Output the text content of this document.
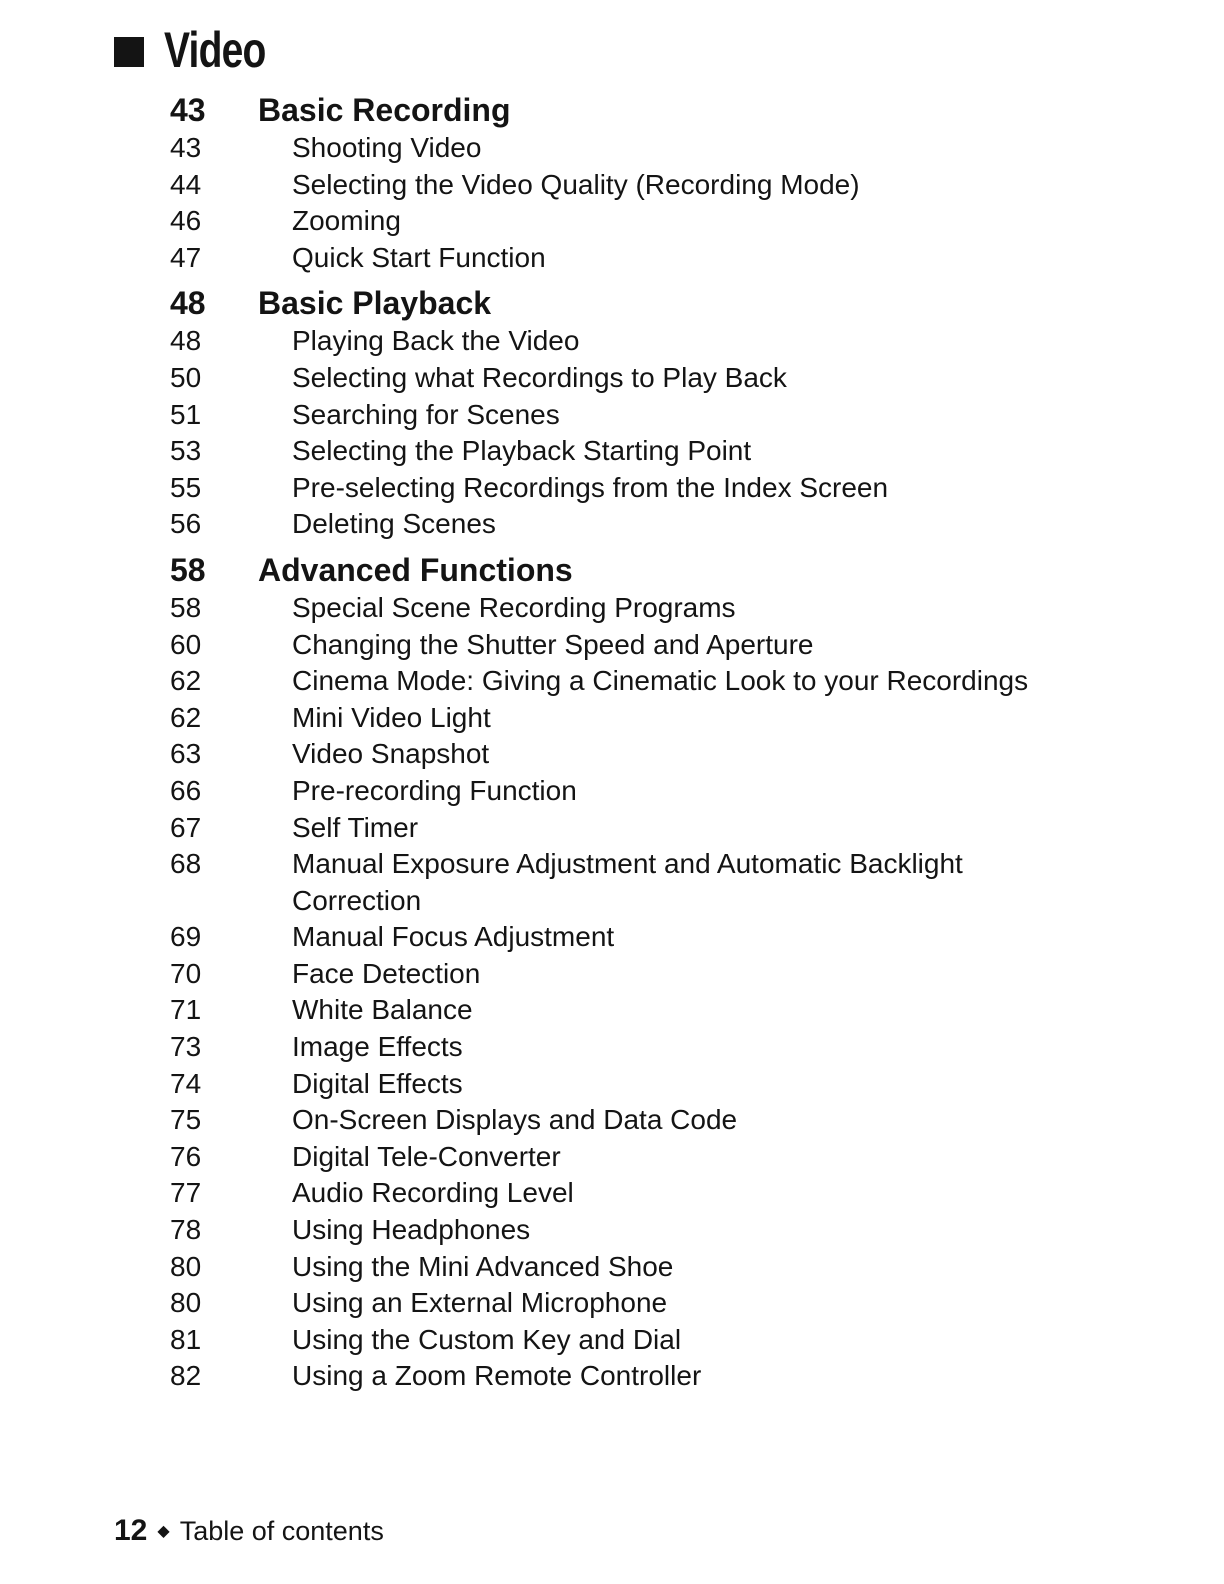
Video
43	Basic Recording
43	Shooting Video
44	Selecting the Video Quality (Recording Mode)
46	Zooming
47	Quick Start Function
48	Basic Playback
48	Playing Back the Video
50	Selecting what Recordings to Play Back
51	Searching for Scenes
53	Selecting the Playback Starting Point
55	Pre-selecting Recordings from the Index Screen
56	Deleting Scenes
58	Advanced Functions
58	Special Scene Recording Programs
60	Changing the Shutter Speed and Aperture
62	Cinema Mode: Giving a Cinematic Look to your Recordings
62	Mini Video Light
63	Video Snapshot
66	Pre-recording Function
67	Self Timer
68	Manual Exposure Adjustment and Automatic Backlight Correction
69	Manual Focus Adjustment
70	Face Detection
71	White Balance
73	Image Effects
74	Digital Effects
75	On-Screen Displays and Data Code
76	Digital Tele-Converter
77	Audio Recording Level
78	Using Headphones
80	Using the Mini Advanced Shoe
80	Using an External Microphone
81	Using the Custom Key and Dial
82	Using a Zoom Remote Controller
12 ◆ Table of contents
